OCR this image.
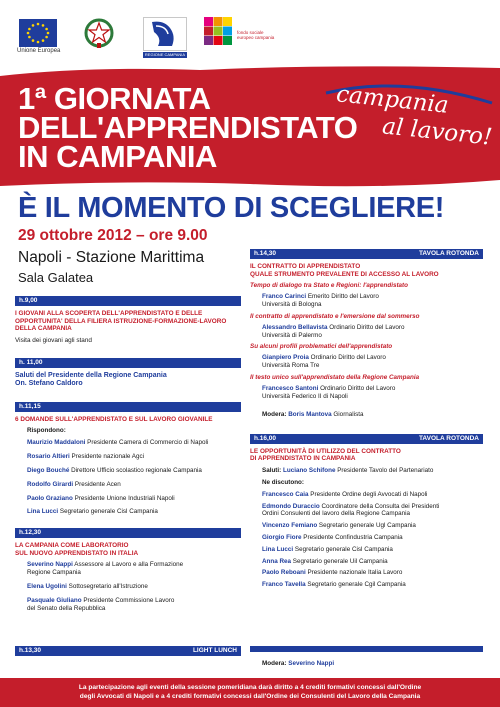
Unione Europea
REGIONE CAMPANIA
fondo sociale europeo campania
1ª GIORNATA
DELL'APPRENDISTATO
IN CAMPANIA
campania
al lavoro!
È IL MOMENTO DI SCEGLIERE!
29 ottobre 2012 – ore 9.00
Napoli - Stazione Marittima
Sala Galatea
h.9,00
I GIOVANI ALLA SCOPERTA DELL'APPRENDISTATO E DELLE OPPORTUNITA' DELLA FILIERA ISTRUZIONE-FORMAZIONE-LAVORO DELLA CAMPANIA
Visita dei giovani agli stand
h. 11,00
Saluti del Presidente della Regione Campania
On. Stefano Caldoro
h.11,15
6 DOMANDE SULL'APPRENDISTATO E SUL LAVORO GIOVANILE
Rispondono:
Maurizio Maddaloni Presidente Camera di Commercio di Napoli
Rosario Altieri Presidente nazionale Agci
Diego Bouché Direttore Ufficio scolastico regionale Campania
Rodolfo Girardi Presidente Acen
Paolo Graziano Presidente Unione Industriali Napoli
Lina Lucci Segretario generale Cisl Campania
h.12,30
LA CAMPANIA COME LABORATORIO
SUL NUOVO APPRENDISTATO IN ITALIA
Severino Nappi Assessore al Lavoro e alla Formazione
Regione Campania
Elena Ugolini Sottosegretario all'Istruzione
Pasquale Giuliano Presidente Commissione Lavoro
del Senato della Repubblica
h.13,30	LIGHT LUNCH
h.14,30	TAVOLA ROTONDA
IL CONTRATTO DI APPRENDISTATO
QUALE STRUMENTO PREVALENTE DI ACCESSO AL LAVORO
Tempo di dialogo tra Stato e Regioni: l'apprendistato
Franco Carinci Emerito Diritto del Lavoro
Università di Bologna
Il contratto di apprendistato e l'emersione dal sommerso
Alessandro Bellavista Ordinario Diritto del Lavoro
Università di Palermo
Su alcuni profili problematici dell'apprendistato
Gianpiero Proia Ordinario Diritto del Lavoro
Università Roma Tre
Il testo unico sull'apprendistato della Regione Campania
Francesco Santoni Ordinario Diritto del Lavoro
Università Federico II di Napoli
Modera: Boris Mantova Giornalista
h.16,00	TAVOLA ROTONDA
LE OPPORTUNITÀ DI UTILIZZO DEL CONTRATTO
DI APPRENDISTATO IN CAMPANIA
Saluti: Luciano Schifone Presidente Tavolo del Partenariato
Ne discutono:
Francesco Caia Presidente Ordine degli Avvocati di Napoli
Edmondo Duraccio Coordinatore della Consulta dei Presidenti
Ordini Consulenti del lavoro della Regione Campania
Vincenzo Femiano Segretario generale Ugl Campania
Giorgio Fiore Presidente Confindustria Campania
Lina Lucci Segretario generale Cisl Campania
Anna Rea Segretario generale Uil Campania
Paolo Reboani Presidente nazionale Italia Lavoro
Franco Tavella Segretario generale Cgil Campania
Modera: Severino Nappi
La partecipazione agli eventi della sessione pomeridiana darà diritto a 4 crediti formativi concessi dall'Ordine
degli Avvocati di Napoli e a 4 crediti formativi concessi dall'Ordine dei Consulenti del Lavoro della Campania
